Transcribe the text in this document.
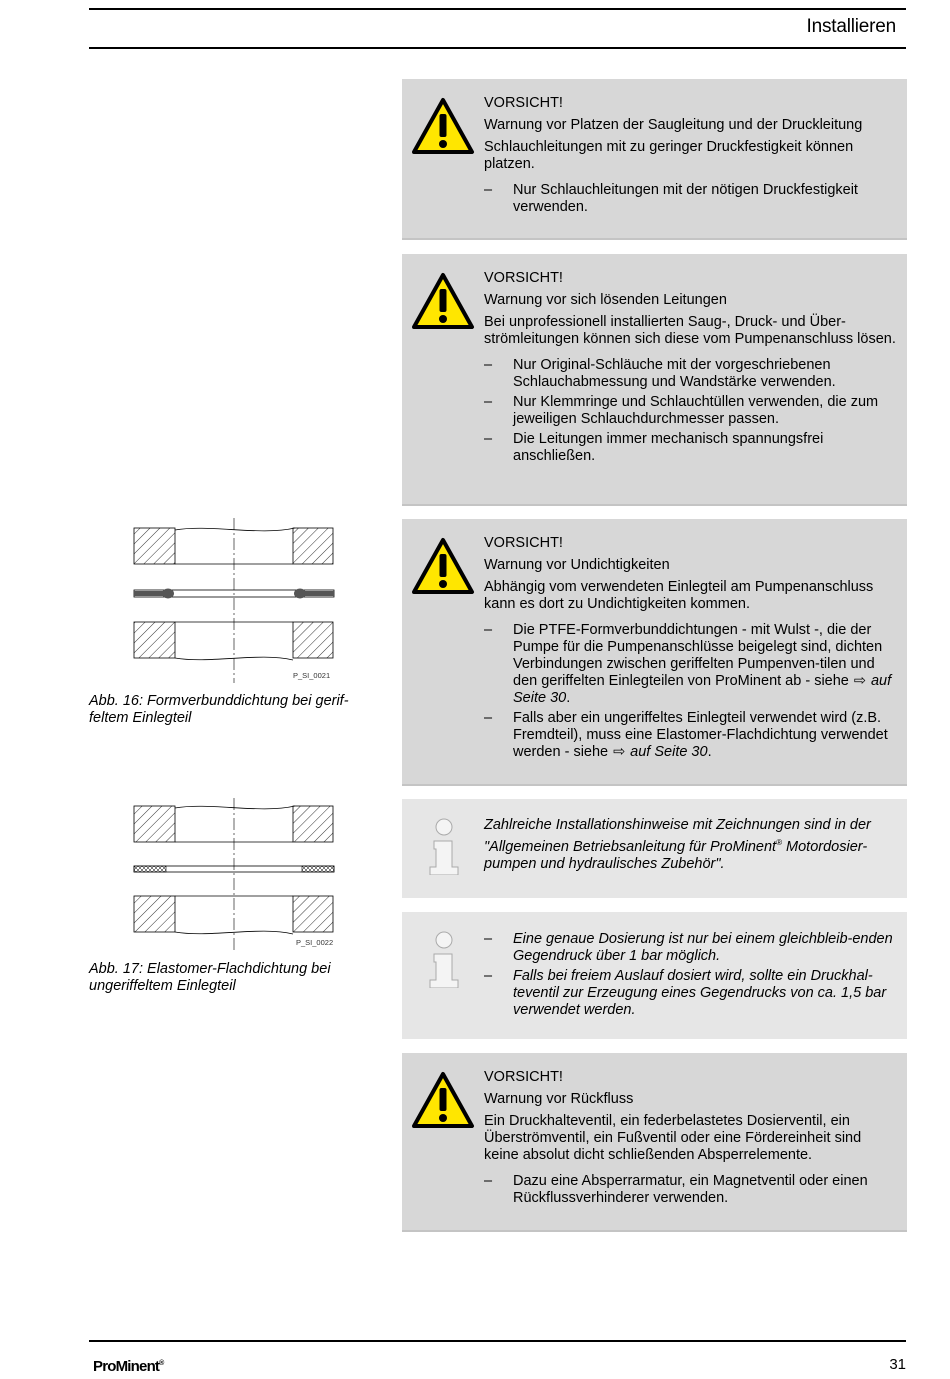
Installieren

VORSICHT!

Warnung vor Platzen der Saugleitung und der Druckleitung

Schlauchleitungen mit zu geringer Druckfestigkeit können platzen.

– Nur Schlauchleitungen mit der nötigen Druckfestigkeit verwenden.

VORSICHT!

Warnung vor sich lösenden Leitungen

Bei unprofessionell installierten Saug-, Druck- und Über-strömleitungen können sich diese vom Pumpenanschluss lösen.

– Nur Original-Schläuche mit der vorgeschriebenen Schlauchabmessung und Wandstärke verwenden.
– Nur Klemmringe und Schlauchtüllen verwenden, die zum jeweiligen Schlauchdurchmesser passen.
– Die Leitungen immer mechanisch spannungsfrei anschließen.
P_SI_0021
Abb. 16: Formverbunddichtung bei gerif-feltem Einlegteil

VORSICHT!

Warnung vor Undichtigkeiten

Abhängig vom verwendeten Einlegteil am Pumpenanschluss kann es dort zu Undichtigkeiten kommen.

– Die PTFE-Formverbunddichtungen - mit Wulst -, die der Pumpe für die Pumpenanschlüsse beigelegt sind, dichten Verbindungen zwischen geriffelten Pumpenven-tilen und den geriffelten Einlegteilen von ProMinent ab - siehe ⇨ auf Seite 30.
– Falls aber ein ungeriffeltes Einlegteil verwendet wird (z.B. Fremdteil), muss eine Elastomer-Flachdichtung verwendet werden - siehe ⇨ auf Seite 30.
P_SI_0022
Abb. 17: Elastomer-Flachdichtung bei ungeriffeltem Einlegteil
Zahlreiche Installationshinweise mit Zeichnungen sind in der "Allgemeinen Betriebsanleitung für ProMinent® Motordosier-pumpen und hydraulisches Zubehör".
– Eine genaue Dosierung ist nur bei einem gleichbleib-enden Gegendruck über 1 bar möglich.
– Falls bei freiem Auslauf dosiert wird, sollte ein Druckhal-teventil zur Erzeugung eines Gegendrucks von ca. 1,5 bar verwendet werden.

VORSICHT!

Warnung vor Rückfluss

Ein Druckhalteventil, ein federbelastetes Dosierventil, ein Überströmventil, ein Fußventil oder eine Fördereinheit sind keine absolut dicht schließenden Absperrelemente.

– Dazu eine Absperrarmatur, ein Magnetventil oder einen Rückflussverhinderer verwenden.
ProMinent®	31
